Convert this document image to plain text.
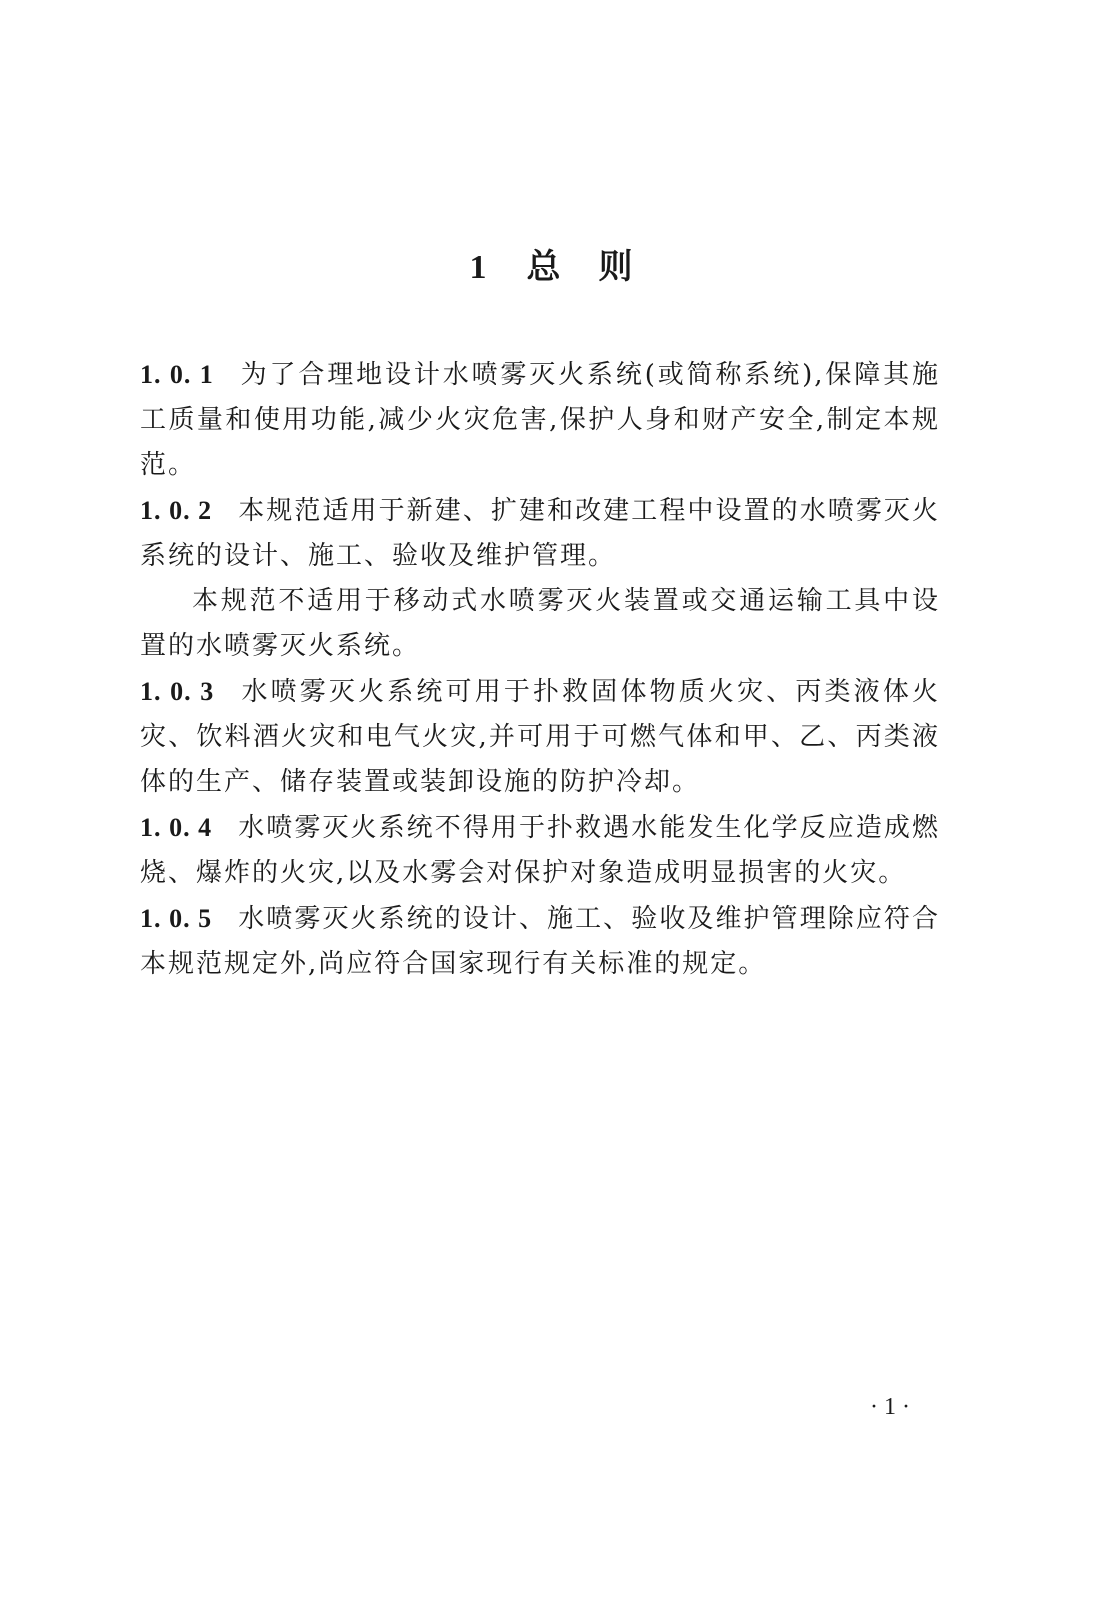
1 总 则

1. 0. 1 为了合理地设计水喷雾灭火系统(或简称系统),保障其施工质量和使用功能,减少火灾危害,保护人身和财产安全,制定本规范。

1. 0. 2 本规范适用于新建、扩建和改建工程中设置的水喷雾灭火系统的设计、施工、验收及维护管理。

本规范不适用于移动式水喷雾灭火装置或交通运输工具中设置的水喷雾灭火系统。

1. 0. 3 水喷雾灭火系统可用于扑救固体物质火灾、丙类液体火灾、饮料酒火灾和电气火灾,并可用于可燃气体和甲、乙、丙类液体的生产、储存装置或装卸设施的防护冷却。

1. 0. 4 水喷雾灭火系统不得用于扑救遇水能发生化学反应造成燃烧、爆炸的火灾,以及水雾会对保护对象造成明显损害的火灾。

1. 0. 5 水喷雾灭火系统的设计、施工、验收及维护管理除应符合本规范规定外,尚应符合国家现行有关标准的规定。

· 1 ·
